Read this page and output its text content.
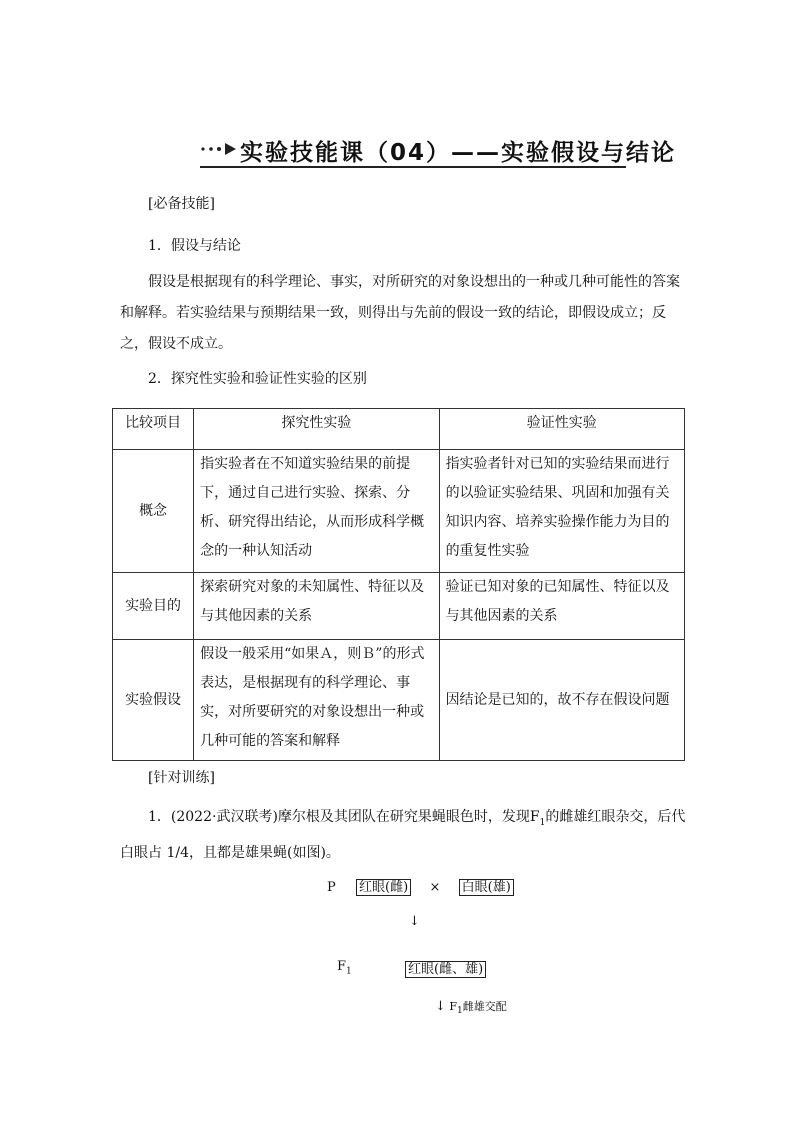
实验技能课（04）——实验假设与结论
[必备技能]
1．假设与结论
假设是根据现有的科学理论、事实，对所研究的对象设想出的一种或几种可能性的答案和解释。若实验结果与预期结果一致，则得出与先前的假设一致的结论，即假设成立；反之，假设不成立。
2．探究性实验和验证性实验的区别
比较项目	探究性实验	验证性实验
概念	指实验者在不知道实验结果的前提下，通过自己进行实验、探索、分析、研究得出结论，从而形成科学概念的一种认知活动	指实验者针对已知的实验结果而进行的以验证实验结果、巩固和加强有关知识内容、培养实验操作能力为目的的重复性实验
实验目的	探索研究对象的未知属性、特征以及与其他因素的关系	验证已知对象的已知属性、特征以及与其他因素的关系
实验假设	假设一般采用“如果Ａ，则Ｂ”的形式表达，是根据现有的科学理论、事实，对所要研究的对象设想出一种或几种可能的答案和解释	因结论是已知的，故不存在假设问题
[针对训练]
1．(2022·武汉联考)摩尔根及其团队在研究果蝇眼色时，发现$F_1$的雌雄红眼杂交，后代白眼占 1/4，且都是雄果蝇(如图)。
P 红眼(雌) × 白眼(雄)
↓
$F_1$	红眼(雌、雄)
↓ $F_1$雌雄交配
